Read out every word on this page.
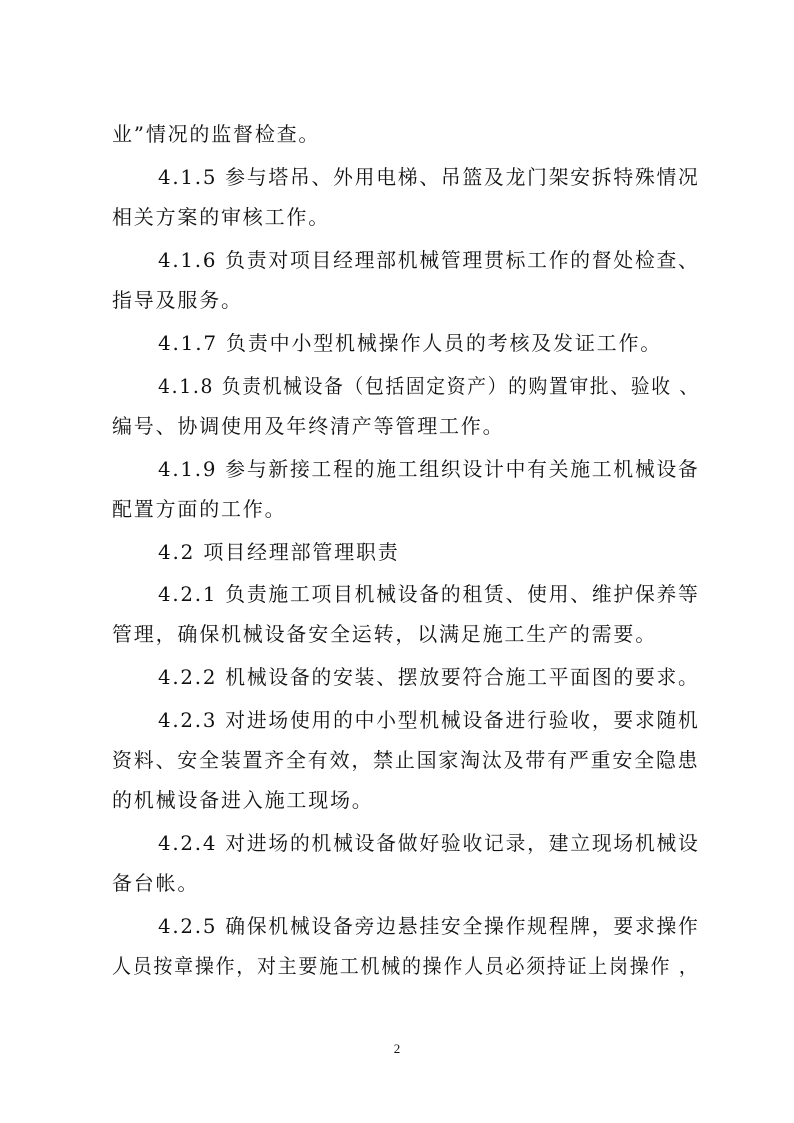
业”情况的监督检查。
4.1.5 参与塔吊、外用电梯、吊篮及龙门架安拆特殊情况
相关方案的审核工作。
4.1.6 负责对项目经理部机械管理贯标工作的督处检查、
指导及服务。
4.1.7 负责中小型机械操作人员的考核及发证工作。
4.1.8 负责机械设备（包括固定资产）的购置审批、验收 、
编号、协调使用及年终清产等管理工作。
4.1.9 参与新接工程的施工组织设计中有关施工机械设备
配置方面的工作。
4.2 项目经理部管理职责
4.2.1 负责施工项目机械设备的租赁、使用、维护保养等
管理，确保机械设备安全运转，以满足施工生产的需要。
4.2.2 机械设备的安装、摆放要符合施工平面图的要求。
4.2.3 对进场使用的中小型机械设备进行验收，要求随机
资料、安全装置齐全有效，禁止国家淘汰及带有严重安全隐患
的机械设备进入施工现场。
4.2.4 对进场的机械设备做好验收记录，建立现场机械设
备台帐。
4.2.5 确保机械设备旁边悬挂安全操作规程牌，要求操作
人员按章操作，对主要施工机械的操作人员必须持证上岗操作 ，
2
